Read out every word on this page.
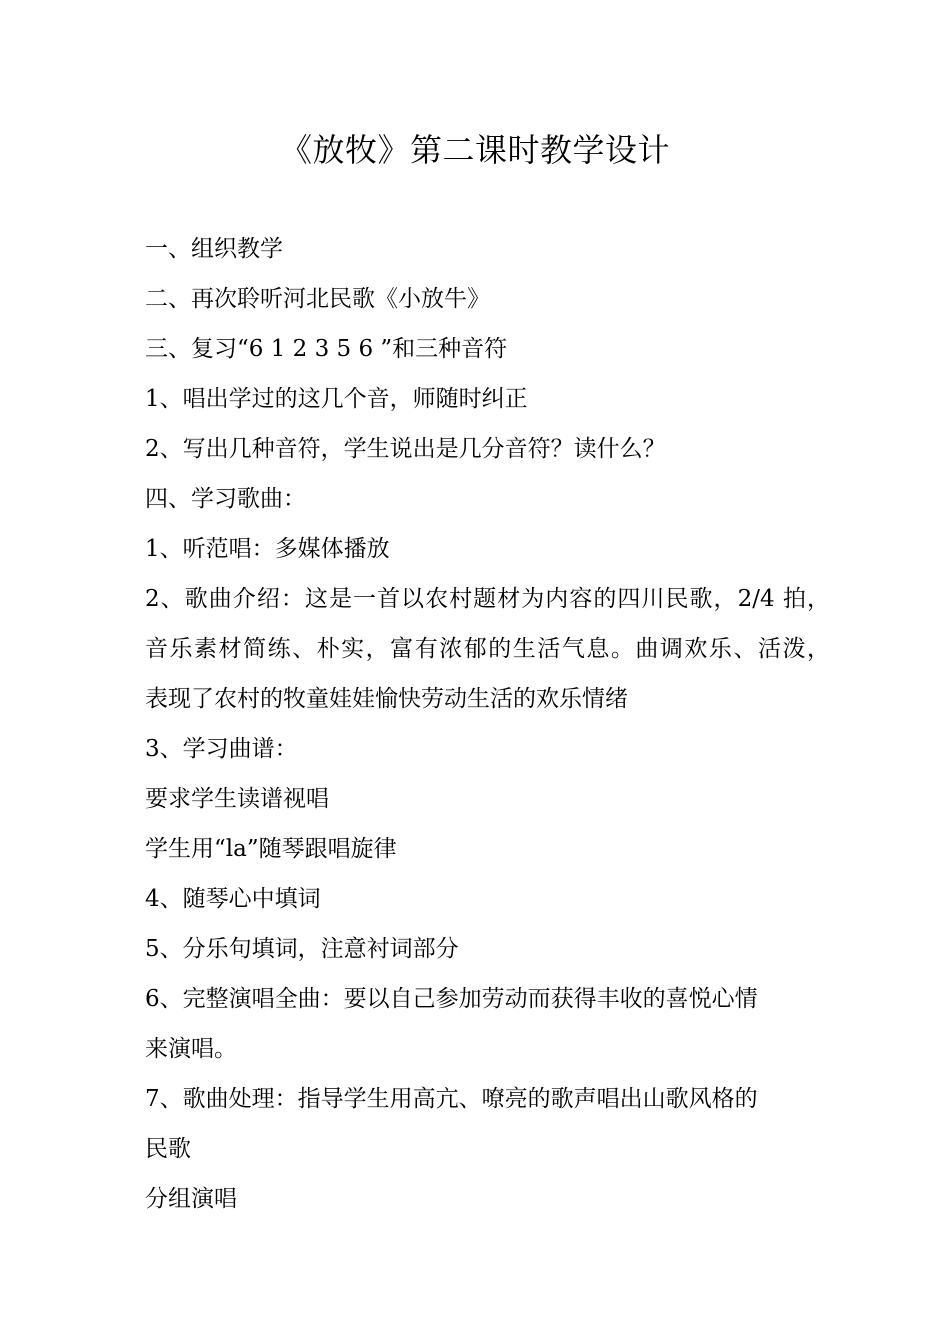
《放牧》第二课时教学设计
一、组织教学
二、再次聆听河北民歌《小放牛》
三、复习“6 1 2 3 5 6 ”和三种音符
1、唱出学过的这几个音，师随时纠正
2、写出几种音符，学生说出是几分音符？读什么？
四、学习歌曲：
1、听范唱：多媒体播放
2、歌曲介绍：这是一首以农村题材为内容的四川民歌，2/4 拍，
音乐素材简练、朴实，富有浓郁的生活气息。曲调欢乐、活泼，
表现了农村的牧童娃娃愉快劳动生活的欢乐情绪
3、学习曲谱：
要求学生读谱视唱
学生用“la”随琴跟唱旋律
4、随琴心中填词
5、分乐句填词，注意衬词部分
6、完整演唱全曲：要以自己参加劳动而获得丰收的喜悦心情
来演唱。
7、歌曲处理：指导学生用高亢、嘹亮的歌声唱出山歌风格的
民歌
分组演唱
